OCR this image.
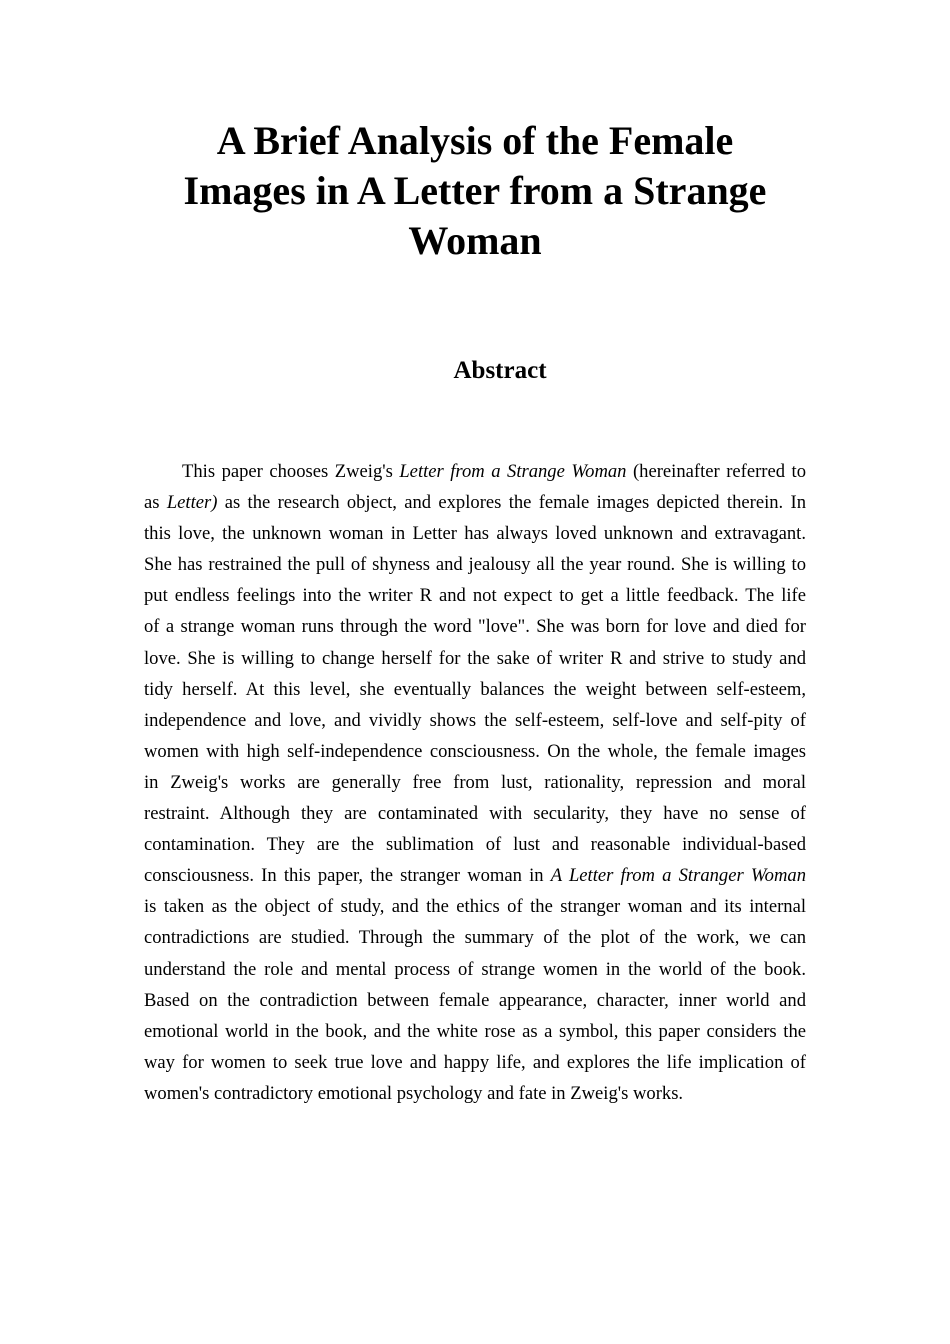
A Brief Analysis of the Female
Images in A Letter from a Strange
Woman
Abstract
This paper chooses Zweig's Letter from a Strange Woman (hereinafter referred to
as Letter) as the research object, and explores the female images depicted therein. In
this love, the unknown woman in Letter has always loved unknown and extravagant.
She has restrained the pull of shyness and jealousy all the year round. She is willing to
put endless feelings into the writer R and not expect to get a little feedback. The life
of a strange woman runs through the word "love". She was born for love and died for
love. She is willing to change herself for the sake of writer R and strive to study and
tidy herself. At this level, she eventually balances the weight between self-esteem,
independence and love, and vividly shows the self-esteem, self-love and self-pity of
women with high self-independence consciousness. On the whole, the female images
in Zweig's works are generally free from lust, rationality, repression and moral
restraint. Although they are contaminated with secularity, they have no sense of
contamination. They are the sublimation of lust and reasonable individual-based
consciousness. In this paper, the stranger woman in A Letter from a Stranger Woman
is taken as the object of study, and the ethics of the stranger woman and its internal
contradictions are studied. Through the summary of the plot of the work, we can
understand the role and mental process of strange women in the world of the book.
Based on the contradiction between female appearance, character, inner world and
emotional world in the book, and the white rose as a symbol, this paper considers the
way for women to seek true love and happy life, and explores the life implication of
women's contradictory emotional psychology and fate in Zweig's works.
